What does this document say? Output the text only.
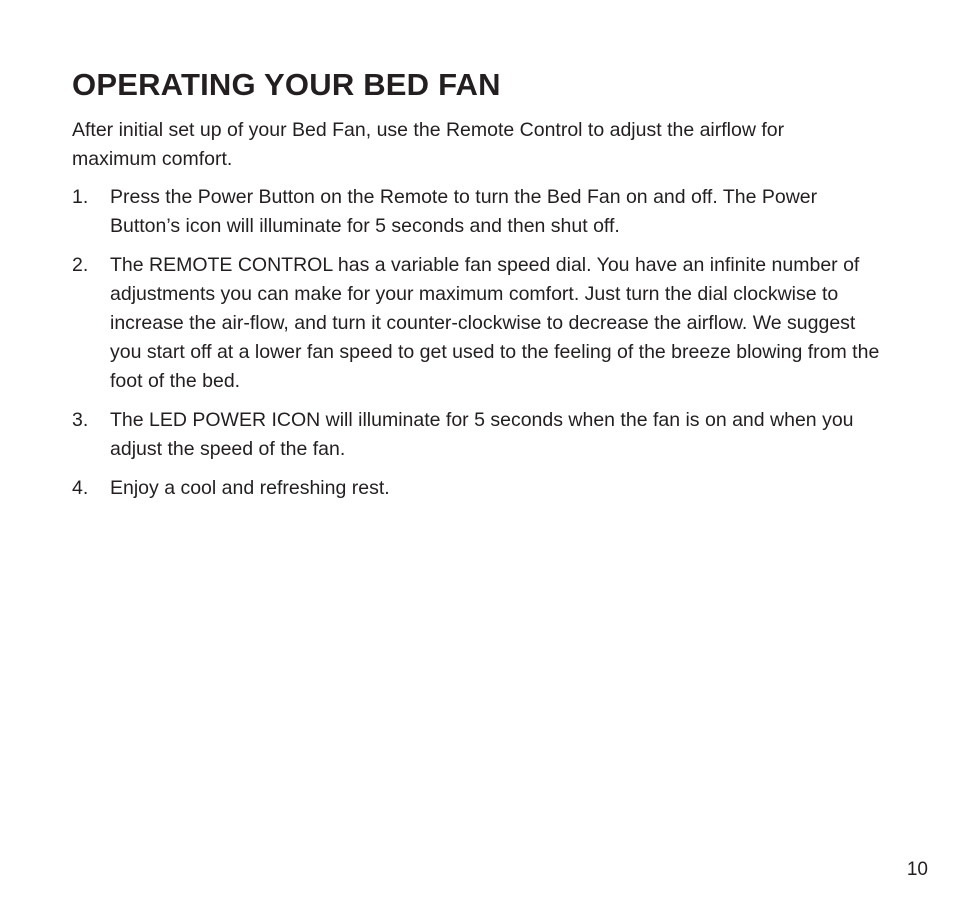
OPERATING YOUR BED FAN

After initial set up of your Bed Fan, use the Remote Control to adjust the airflow for maximum comfort.

1.	Press the Power Button on the Remote to turn the Bed Fan on and off. The Power Button’s icon will illuminate for 5 seconds and then shut off.
2.	The REMOTE CONTROL has a variable fan speed dial. You have an infinite number of adjustments you can make for your maximum comfort. Just turn the dial clockwise to increase the air-flow, and turn it counter-clockwise to decrease the airflow. We suggest you start off at a lower fan speed to get used to the feeling of the breeze blowing from the foot of the bed.
3.	The LED POWER ICON will illuminate for 5 seconds when the fan is on and when you adjust the speed of the fan.
4.	Enjoy a cool and refreshing rest.
10
